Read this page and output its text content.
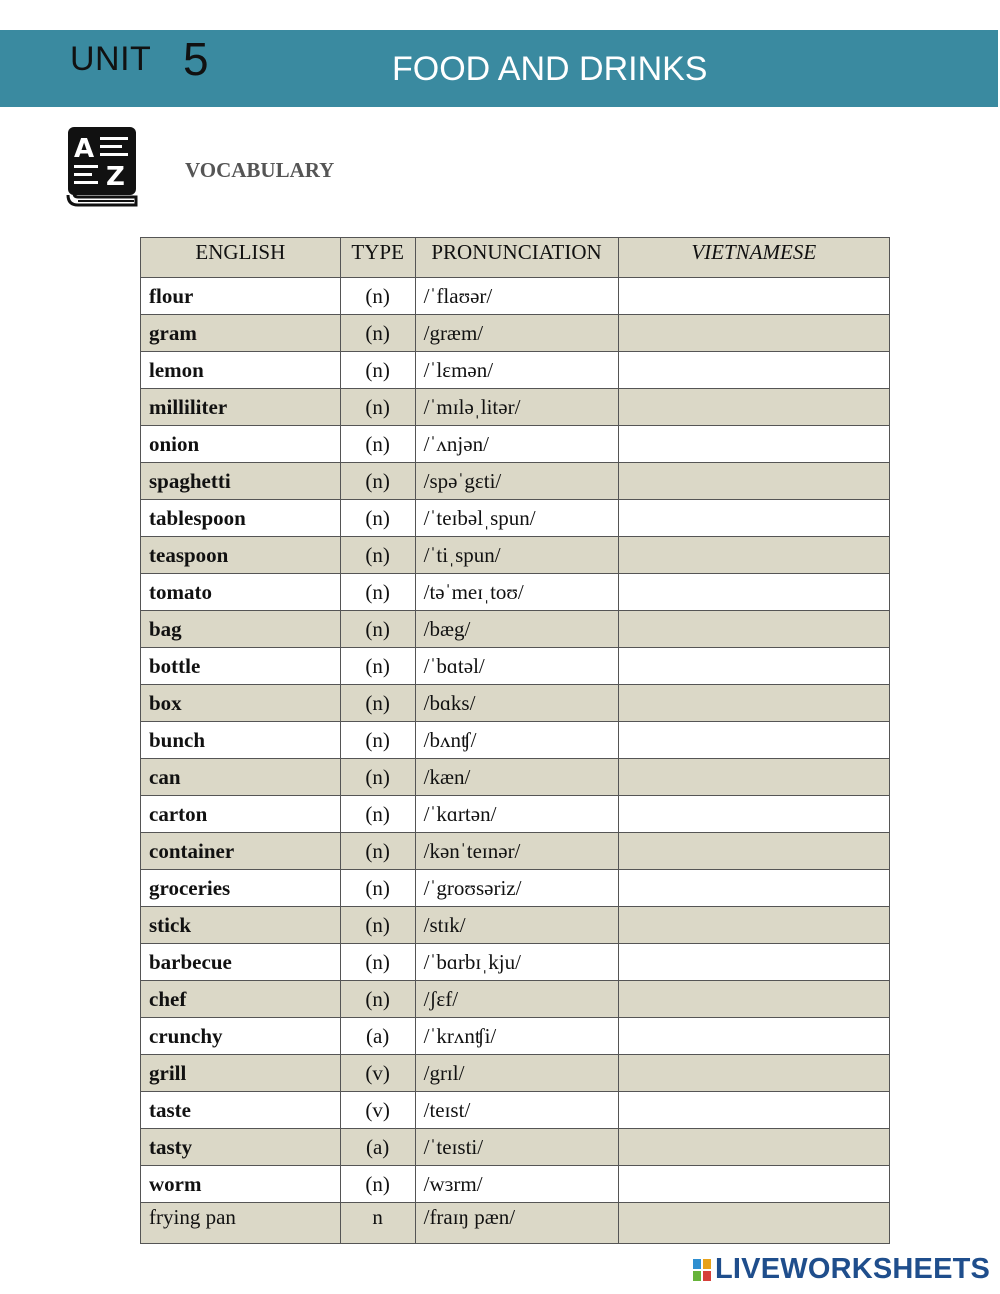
UNIT 5	FOOD AND DRINKS
A
Z	VOCABULARY
ENGLISH	TYPE	PRONUNCIATION	VIETNAMESE
flour	(n)	/ˈflaʊər/	
gram	(n)	/græm/	
lemon	(n)	/ˈlɛmən/	
milliliter	(n)	/ˈmɪləˌlitər/	
onion	(n)	/ˈʌnjən/	
spaghetti	(n)	/spəˈgɛti/	
tablespoon	(n)	/ˈteɪbəlˌspun/	
teaspoon	(n)	/ˈtiˌspun/	
tomato	(n)	/təˈmeɪˌtoʊ/	
bag	(n)	/bæg/	
bottle	(n)	/ˈbɑtəl/	
box	(n)	/bɑks/	
bunch	(n)	/bʌnʧ/	
can	(n)	/kæn/	
carton	(n)	/ˈkɑrtən/	
container	(n)	/kənˈteɪnər/	
groceries	(n)	/ˈgroʊsəriz/	
stick	(n)	/stɪk/	
barbecue	(n)	/ˈbɑrbɪˌkju/	
chef	(n)	/ʃɛf/	
crunchy	(a)	/ˈkrʌnʧi/	
grill	(v)	/grɪl/	
taste	(v)	/teɪst/	
tasty	(a)	/ˈteɪsti/	
worm	(n)	/wɜrm/	
frying pan	n	/fraɪŋ pæn/	
LIVEWORKSHEETS
